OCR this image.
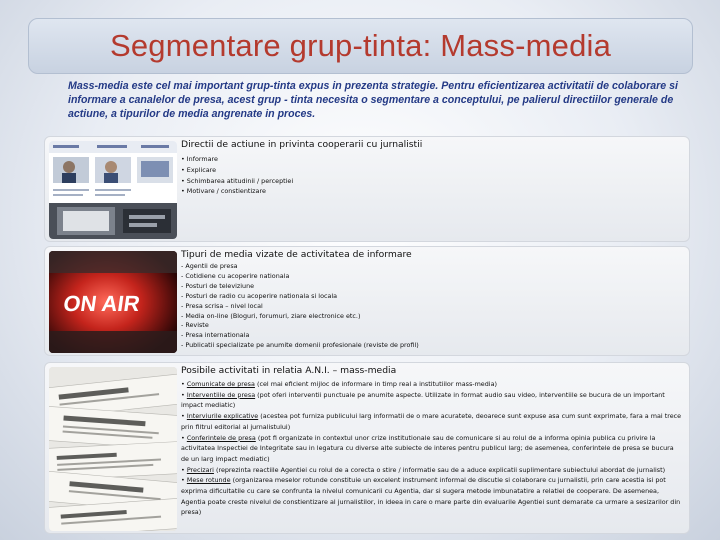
Segmentare grup-tinta: Mass-media

Mass-media este cel mai important grup-tinta expus in prezenta strategie. Pentru eficientizarea activitatii de colaborare si informare a canalelor de presa, acest grup - tinta necesita o segmentare a conceptului, pe palierul directiilor generale de actiune, a tipurilor de media angrenate in proces.

Directii de actiune in privinta cooperarii cu jurnalistii
• Informare
• Explicare
• Schimbarea atitudinii / perceptiei
• Motivare / constientizare
ON AIR
Tipuri de media vizate de activitatea de informare
- Agentii de presa
- Cotidiene cu acoperire nationala
- Posturi de televiziune
- Posturi de radio cu acoperire nationala si locala
- Presa scrisa – nivel local
- Media on-line (Bloguri, forumuri, ziare electronice etc.)
- Reviste
- Presa internationala
- Publicatii specializate pe anumite domenii profesionale (reviste de profil)
Posibile activitati in relatia A.N.I. – mass-media
• Comunicate de presa (cel mai eficient mijloc de informare in timp real a institutiilor mass-media)
• Interventiile de presa (pot oferi interventii punctuale pe anumite aspecte. Utilizate in format audio sau video, interventiile se bucura de un important impact mediatic)
• Interviurile explicative (acestea pot furniza publicului larg informatii de o mare acuratete, deoarece sunt expuse asa cum sunt exprimate, fara a mai trece prin filtrul editorial al jurnalistului)
• Conferintele de presa (pot fi organizate in contextul unor crize institutionale sau de comunicare si au rolul de a informa opinia publica cu privire la activitatea Inspectiei de Integritate sau in legatura cu diverse alte subiecte de interes pentru publicul larg; de asemenea, conferintele de presa se bucura de un larg impact mediatic)
• Precizari (reprezinta reactiile Agentiei cu rolul de a corecta o stire / informatie sau de a aduce explicatii suplimentare subiectului abordat de jurnalist)
• Mese rotunde (organizarea meselor rotunde constituie un excelent instrument informal de discutie si colaborare cu jurnalistii, prin care acestia isi pot exprima dificultatile cu care se confrunta la nivelul comunicarii cu Agentia, dar si sugera metode imbunatatire a relatiei de cooperare. De asemenea, Agentia poate creste nivelul de constientizare al jurnalistilor, in ideea in care o mare parte din evaluarile Agentiei sunt demarate ca urmare a sesizarilor din presa)
